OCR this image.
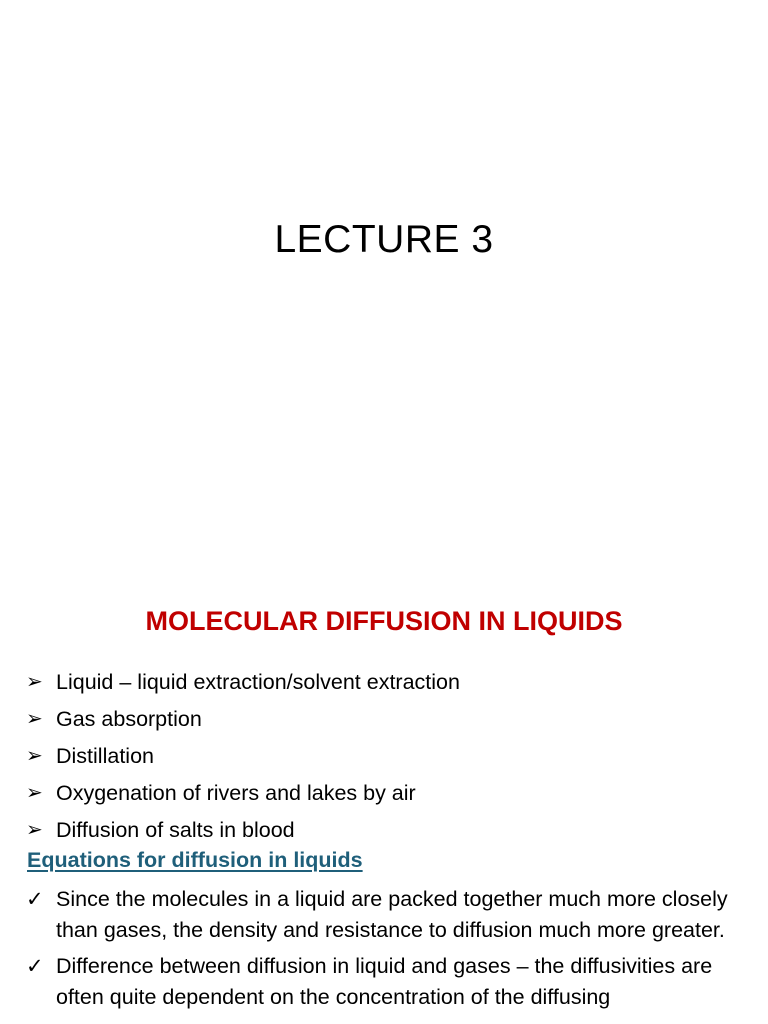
LECTURE 3
MOLECULAR DIFFUSION IN LIQUIDS
➢ Liquid – liquid extraction/solvent extraction
➢ Gas absorption
➢ Distillation
➢ Oxygenation of rivers and lakes by air
➢ Diffusion of salts in blood
Equations for diffusion in liquids
✓ Since the molecules in a liquid are packed together much more closely than gases, the density and resistance to diffusion much more greater.
✓ Difference between diffusion in liquid and gases – the diffusivities are often quite dependent on the concentration of the diffusing
